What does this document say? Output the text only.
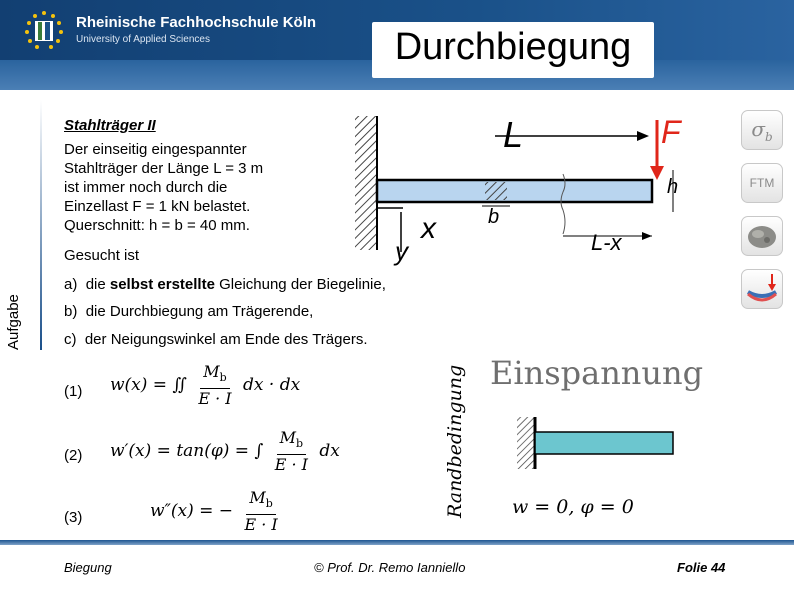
Rheinische Fachhochschule Köln
University of Applied Sciences	Durchbiegung
Aufgabe
Stahlträger II
Der einseitig eingespannter
Stahlträger der Länge L = 3 m
ist immer noch durch die
Einzellast F = 1 kN belastet.
Querschnitt: h = b = 40 mm.
Gesucht ist
a) die selbst erstellte Gleichung der Biegelinie,
b) die Durchbiegung am Trägerende,
c) der Neigungswinkel am Ende des Trägers.
L	F
h
b
x
y	L-x
$\sigma_b$
FTM
(1) w(x) = ∬ $\frac{M_b}{E \cdot I}$ dx · dx
(2) w′(x) = tan(φ) = ∫ $\frac{M_b}{E \cdot I}$ dx
(3)	w″(x) = − $\frac{M_b}{E \cdot I}$	Randbedingung Einspannung
w = 0, φ = 0
Biegung	© Prof. Dr. Remo Ianniello	Folie 44
